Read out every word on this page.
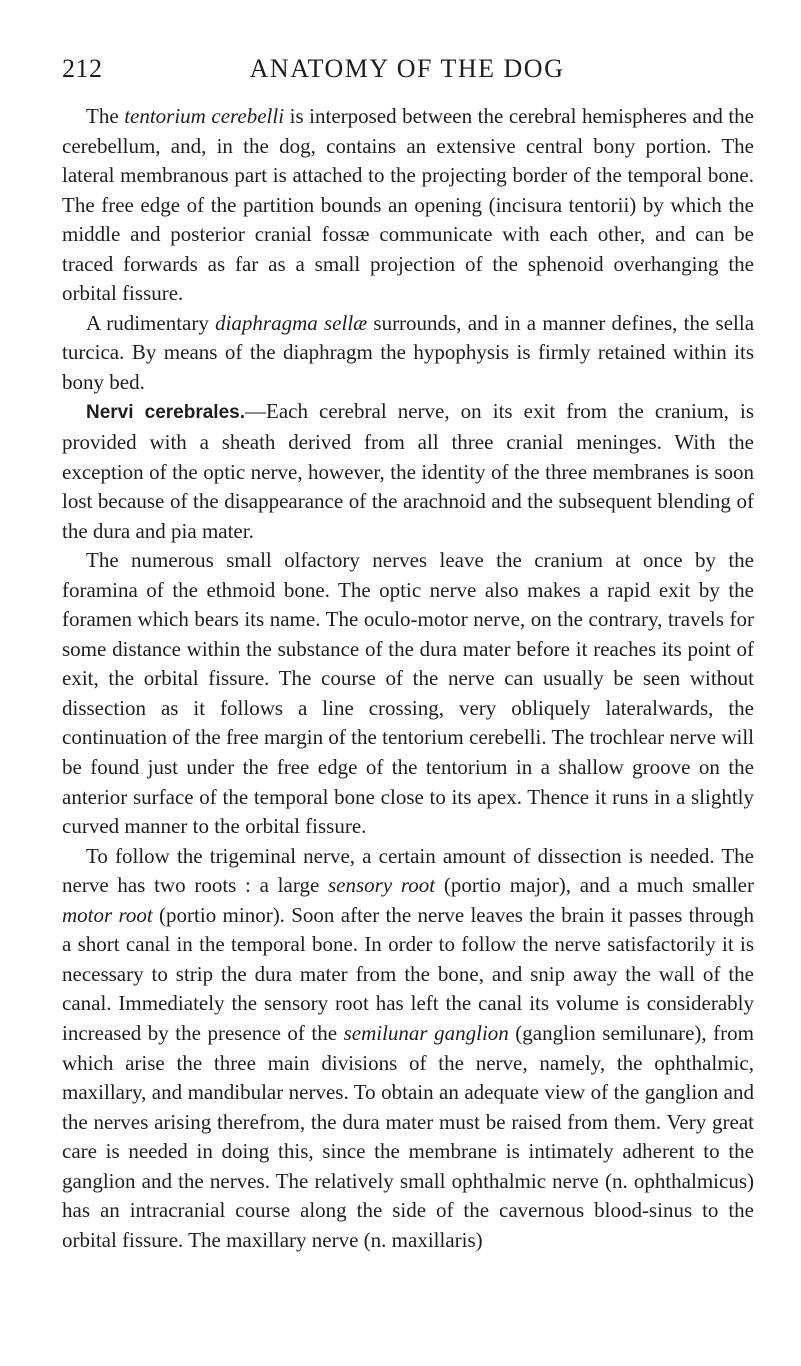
212	ANATOMY OF THE DOG

The tentorium cerebelli is interposed between the cerebral hemispheres and the cerebellum, and, in the dog, contains an extensive central bony portion. The lateral membranous part is attached to the projecting border of the temporal bone. The free edge of the partition bounds an opening (incisura tentorii) by which the middle and posterior cranial fossæ communicate with each other, and can be traced forwards as far as a small projection of the sphenoid overhanging the orbital fissure.

A rudimentary diaphragma sellæ surrounds, and in a manner defines, the sella turcica. By means of the diaphragm the hypophysis is firmly retained within its bony bed.

Nervi cerebrales.—Each cerebral nerve, on its exit from the cranium, is provided with a sheath derived from all three cranial meninges. With the exception of the optic nerve, however, the identity of the three membranes is soon lost because of the disappearance of the arachnoid and the subsequent blending of the dura and pia mater.

The numerous small olfactory nerves leave the cranium at once by the foramina of the ethmoid bone. The optic nerve also makes a rapid exit by the foramen which bears its name. The oculo-motor nerve, on the contrary, travels for some distance within the substance of the dura mater before it reaches its point of exit, the orbital fissure. The course of the nerve can usually be seen without dissection as it follows a line crossing, very obliquely lateralwards, the continuation of the free margin of the tentorium cerebelli. The trochlear nerve will be found just under the free edge of the tentorium in a shallow groove on the anterior surface of the temporal bone close to its apex. Thence it runs in a slightly curved manner to the orbital fissure.

To follow the trigeminal nerve, a certain amount of dissection is needed. The nerve has two roots : a large sensory root (portio major), and a much smaller motor root (portio minor). Soon after the nerve leaves the brain it passes through a short canal in the temporal bone. In order to follow the nerve satisfactorily it is necessary to strip the dura mater from the bone, and snip away the wall of the canal. Immediately the sensory root has left the canal its volume is considerably increased by the presence of the semilunar ganglion (ganglion semilunare), from which arise the three main divisions of the nerve, namely, the ophthalmic, maxillary, and mandibular nerves. To obtain an adequate view of the ganglion and the nerves arising therefrom, the dura mater must be raised from them. Very great care is needed in doing this, since the membrane is intimately adherent to the ganglion and the nerves. The relatively small ophthalmic nerve (n. ophthalmicus) has an intracranial course along the side of the cavernous blood-sinus to the orbital fissure. The maxillary nerve (n. maxillaris)
